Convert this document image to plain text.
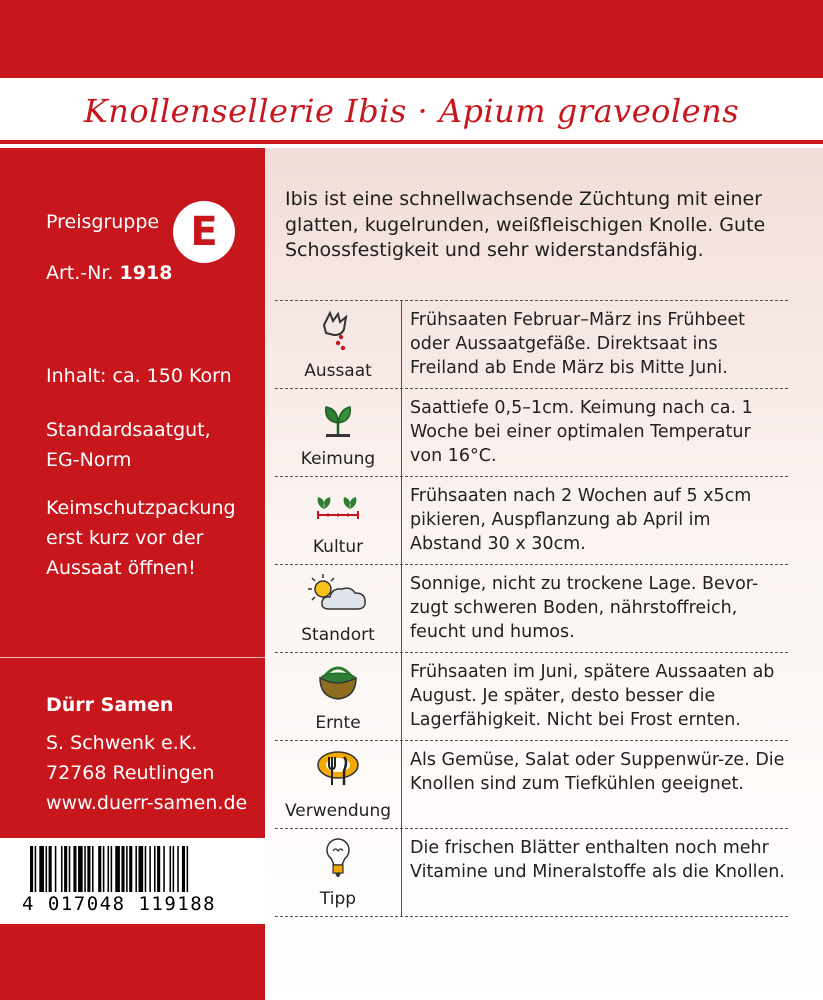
Knollensellerie Ibis · Apium graveolens
Preisgruppe E
Art.-Nr. 1918
Inhalt: ca. 150 Korn
Standardsaatgut,
EG-Norm
Keimschutzpackung
erst kurz vor der
Aussaat öffnen!
Dürr Samen
S. Schwenk e.K.
72768 Reutlingen
www.duerr-samen.de
4 017048 119188
Ibis ist eine schnellwachsende Züchtung mit einer glatten, kugelrunden, weißfleischigen Knolle. Gute Schossfestigkeit und sehr widerstandsfähig.
Aussaat
Frühsaaten Februar–März ins Frühbeet oder Aussaatgefäße. Direktsaat ins Freiland ab Ende März bis Mitte Juni.
Keimung
Saattiefe 0,5–1cm. Keimung nach ca. 1 Woche bei einer optimalen Temperatur von 16°C.
Kultur
Frühsaaten nach 2 Wochen auf 5 x5cm pikieren, Auspflanzung ab April im Abstand 30 x 30cm.
Standort
Sonnige, nicht zu trockene Lage. Bevor-zugt schweren Boden, nährstoffreich, feucht und humos.
Ernte
Frühsaaten im Juni, spätere Aussaaten ab August. Je später, desto besser die Lagerfähigkeit. Nicht bei Frost ernten.
Verwendung
Als Gemüse, Salat oder Suppenwür-ze. Die Knollen sind zum Tiefkühlen geeignet.
Tipp
Die frischen Blätter enthalten noch mehr Vitamine und Mineralstoffe als die Knollen.
